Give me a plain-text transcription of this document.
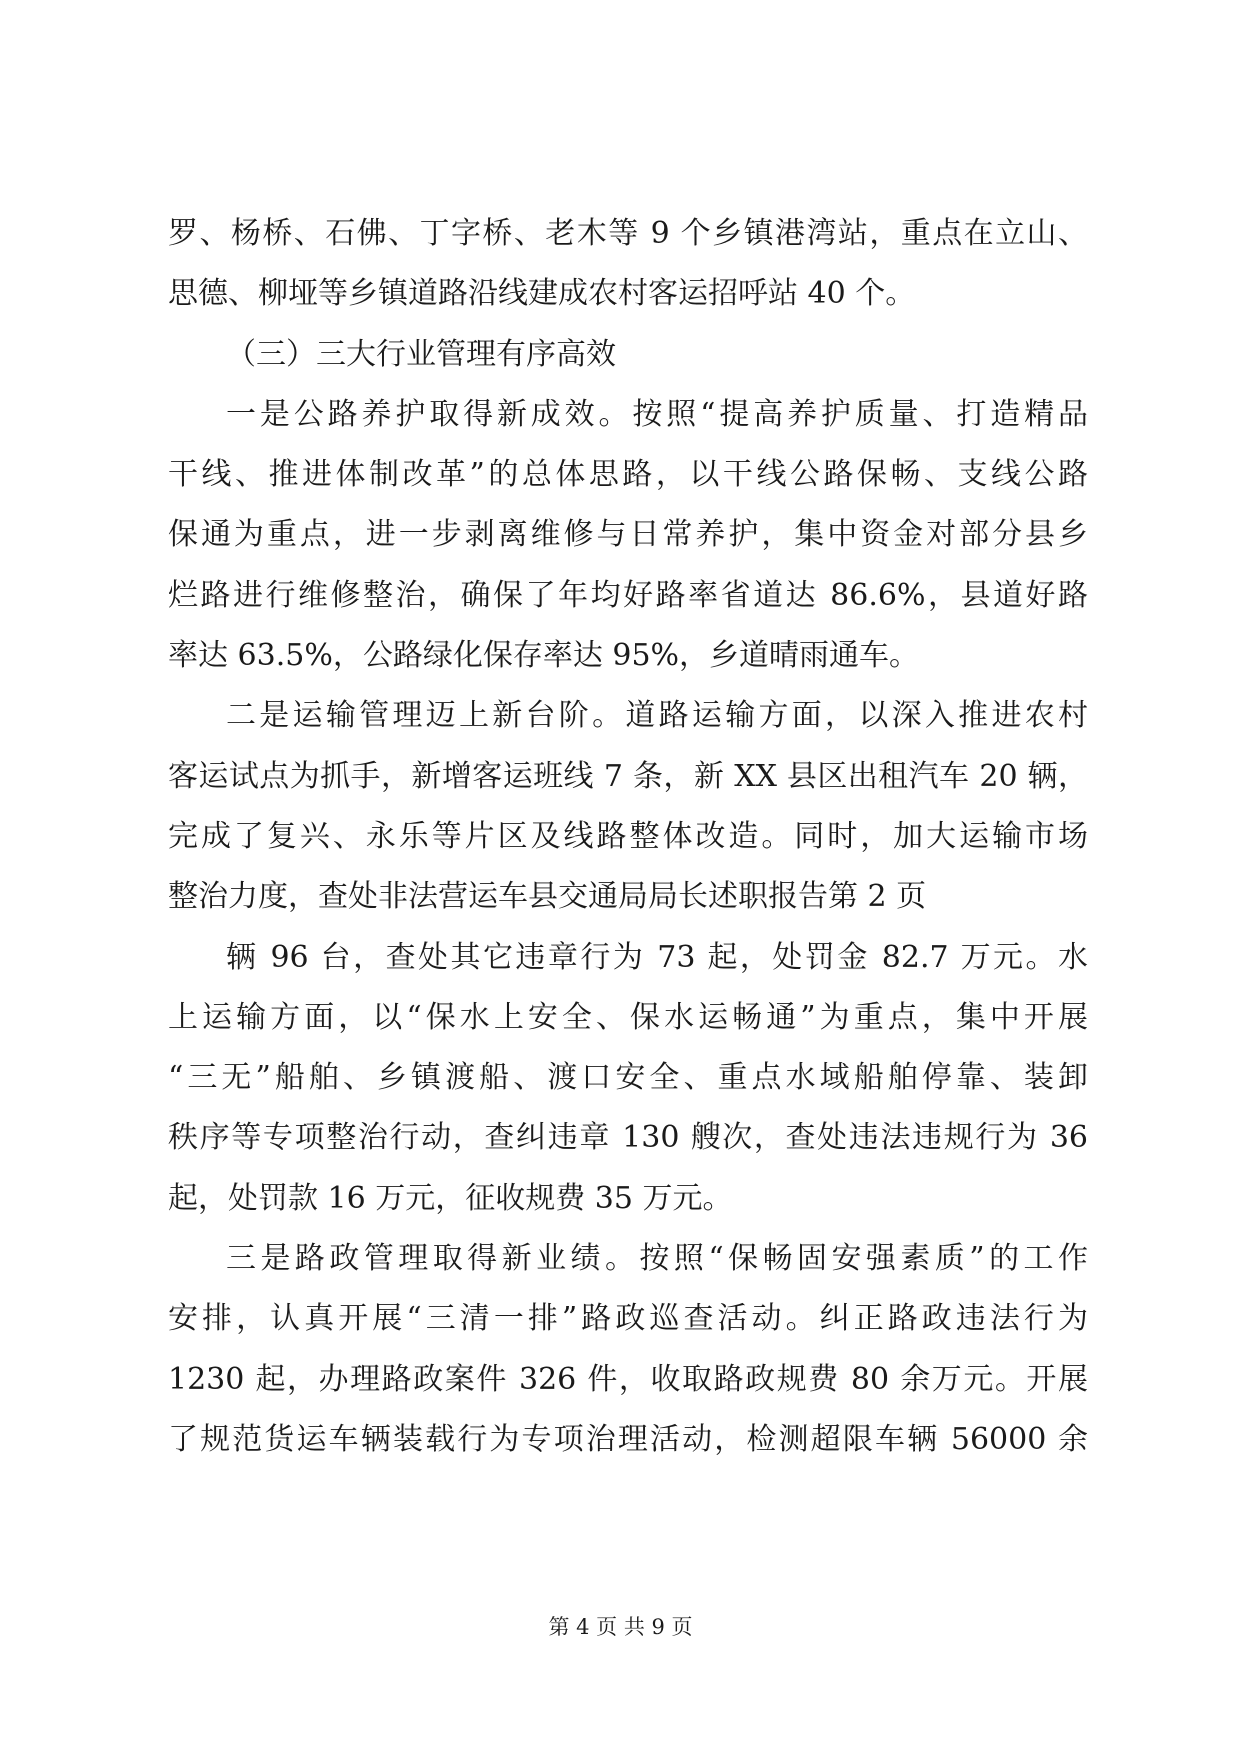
罗、杨桥、石佛、丁字桥、老木等 9 个乡镇港湾站，重点在立山、
思德、柳垭等乡镇道路沿线建成农村客运招呼站 40 个。
（三）三大行业管理有序高效
一是公路养护取得新成效。按照“提高养护质量、打造精品
干线、推进体制改革”的总体思路，以干线公路保畅、支线公路
保通为重点，进一步剥离维修与日常养护，集中资金对部分县乡
烂路进行维修整治，确保了年均好路率省道达 86.6%，县道好路
率达 63.5%，公路绿化保存率达 95%，乡道晴雨通车。
二是运输管理迈上新台阶。道路运输方面，以深入推进农村
客运试点为抓手，新增客运班线 7 条，新 XX 县区出租汽车 20 辆，
完成了复兴、永乐等片区及线路整体改造。同时，加大运输市场
整治力度，查处非法营运车县交通局局长述职报告第 2 页
辆 96 台，查处其它违章行为 73 起，处罚金 82.7 万元。水
上运输方面，以“保水上安全、保水运畅通”为重点，集中开展
“三无”船舶、乡镇渡船、渡口安全、重点水域船舶停靠、装卸
秩序等专项整治行动，查纠违章 130 艘次，查处违法违规行为 36
起，处罚款 16 万元，征收规费 35 万元。
三是路政管理取得新业绩。按照“保畅固安强素质”的工作
安排，认真开展“三清一排”路政巡查活动。纠正路政违法行为
1230 起，办理路政案件 326 件，收取路政规费 80 余万元。开展
了规范货运车辆装载行为专项治理活动，检测超限车辆 56000 余
第 4 页 共 9 页
